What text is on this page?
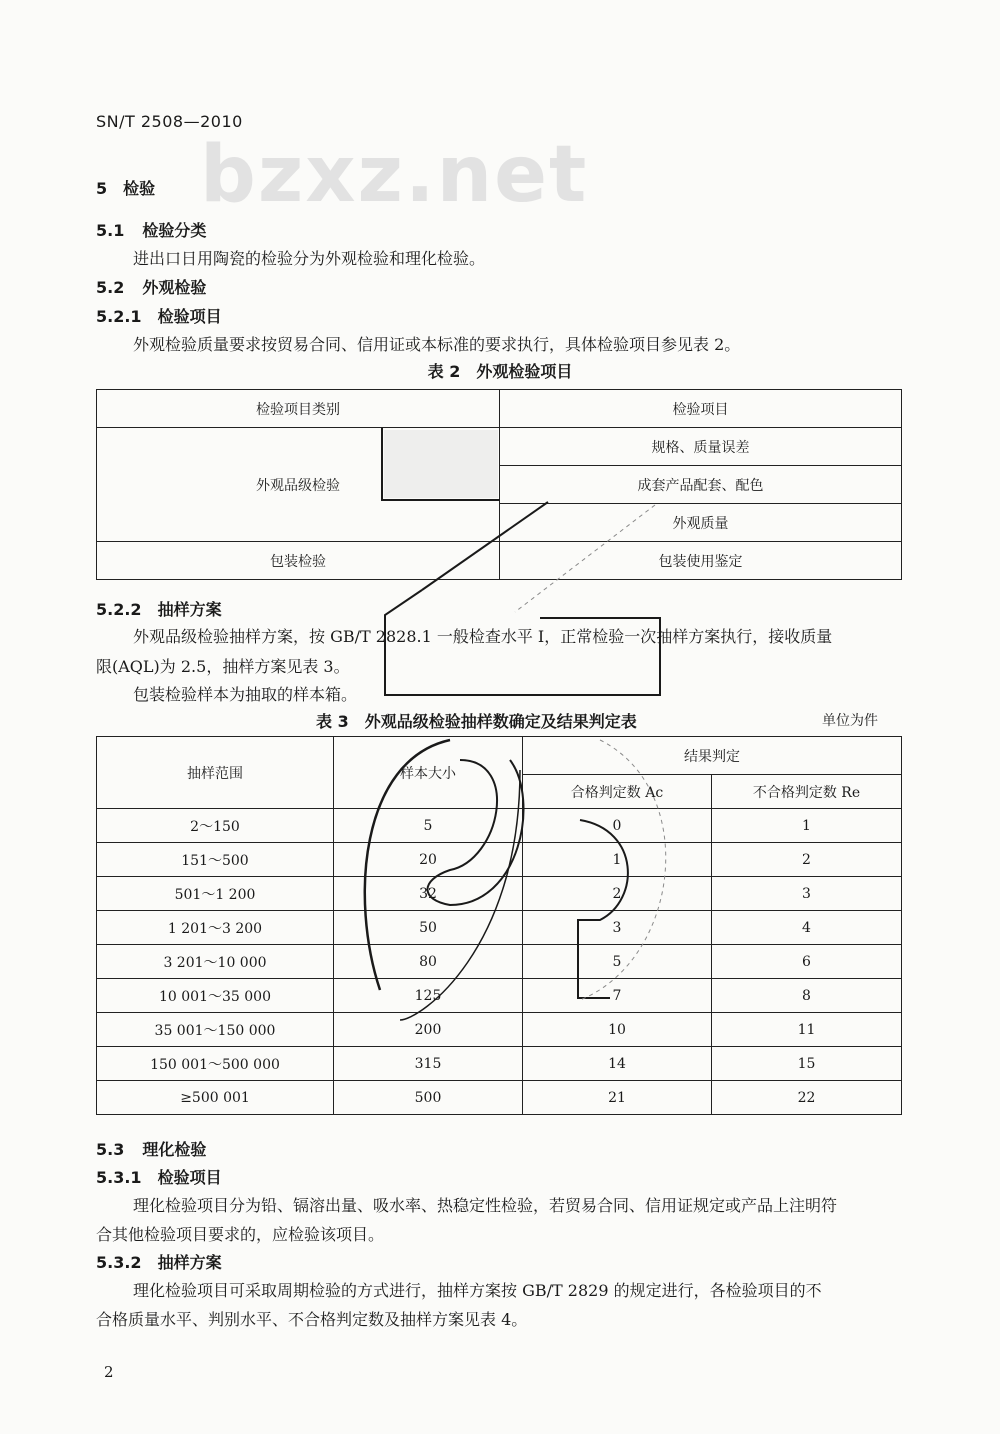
SN/T 2508—2010
bzxz.net
5 检验
5.1 检验分类
进出口日用陶瓷的检验分为外观检验和理化检验。
5.2 外观检验
5.2.1 检验项目
外观检验质量要求按贸易合同、信用证或本标准的要求执行，具体检验项目参见表 2。
表 2　外观检验项目
检验项目类别	检验项目
外观品级检验	规格、质量误差
	成套产品配套、配色
	外观质量
包装检验	包装使用鉴定
5.2.2 抽样方案
外观品级检验抽样方案，按 GB/T 2828.1 一般检查水平 I，正常检验一次抽样方案执行，接收质量
限(AQL)为 2.5，抽样方案见表 3。
包装检验样本为抽取的样本箱。
表 3　外观品级检验抽样数确定及结果判定表	单位为件
抽样范围	样本大小	结果判定	
		合格判定数 Ac	不合格判定数 Re
2～150	5	0	1
151～500	20	1	2
501～1 200	32	2	3
1 201～3 200	50	3	4
3 201～10 000	80	5	6
10 001～35 000	125	7	8
35 001～150 000	200	10	11
150 001～500 000	315	14	15
≥500 001	500	21	22
5.3 理化检验
5.3.1 检验项目
理化检验项目分为铅、镉溶出量、吸水率、热稳定性检验，若贸易合同、信用证规定或产品上注明符
合其他检验项目要求的，应检验该项目。
5.3.2 抽样方案
理化检验项目可采取周期检验的方式进行，抽样方案按 GB/T 2829 的规定进行，各检验项目的不
合格质量水平、判别水平、不合格判定数及抽样方案见表 4。
2
